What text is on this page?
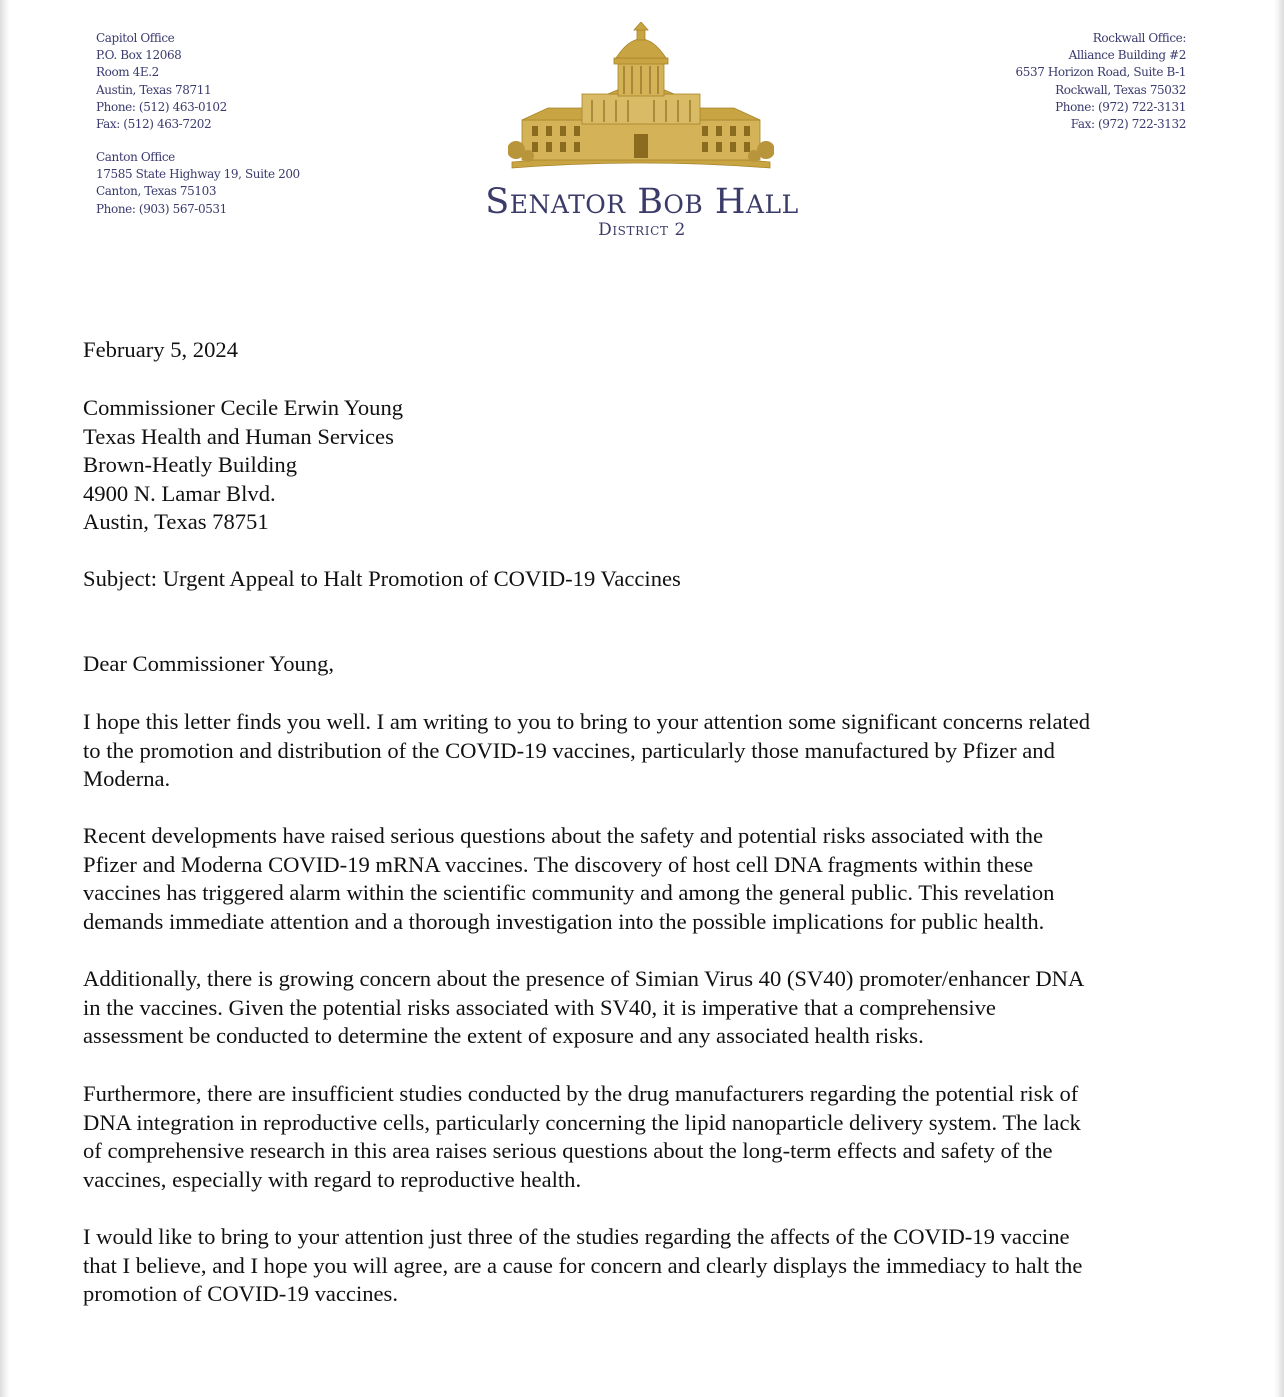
Capitol Office
P.O. Box 12068
Room 4E.2
Austin, Texas 78711
Phone: (512) 463-0102
Fax: (512) 463-7202
Canton Office
17585 State Highway 19, Suite 200
Canton, Texas 75103
Phone: (903) 567-0531
Rockwall Office:
Alliance Building #2
6537 Horizon Road, Suite B-1
Rockwall, Texas 75032
Phone: (972) 722-3131
Fax: (972) 722-3132
Senator Bob Hall
District 2
February 5, 2024
Commissioner Cecile Erwin Young
Texas Health and Human Services
Brown-Heatly Building
4900 N. Lamar Blvd.
Austin, Texas 78751
Subject: Urgent Appeal to Halt Promotion of COVID-19 Vaccines
Dear Commissioner Young,
I hope this letter finds you well. I am writing to you to bring to your attention some significant concerns related
to the promotion and distribution of the COVID-19 vaccines, particularly those manufactured by Pfizer and
Moderna.
Recent developments have raised serious questions about the safety and potential risks associated with the
Pfizer and Moderna COVID-19 mRNA vaccines. The discovery of host cell DNA fragments within these
vaccines has triggered alarm within the scientific community and among the general public. This revelation
demands immediate attention and a thorough investigation into the possible implications for public health.
Additionally, there is growing concern about the presence of Simian Virus 40 (SV40) promoter/enhancer DNA
in the vaccines. Given the potential risks associated with SV40, it is imperative that a comprehensive
assessment be conducted to determine the extent of exposure and any associated health risks.
Furthermore, there are insufficient studies conducted by the drug manufacturers regarding the potential risk of
DNA integration in reproductive cells, particularly concerning the lipid nanoparticle delivery system. The lack
of comprehensive research in this area raises serious questions about the long-term effects and safety of the
vaccines, especially with regard to reproductive health.
I would like to bring to your attention just three of the studies regarding the affects of the COVID-19 vaccine
that I believe, and I hope you will agree, are a cause for concern and clearly displays the immediacy to halt the
promotion of COVID-19 vaccines.
